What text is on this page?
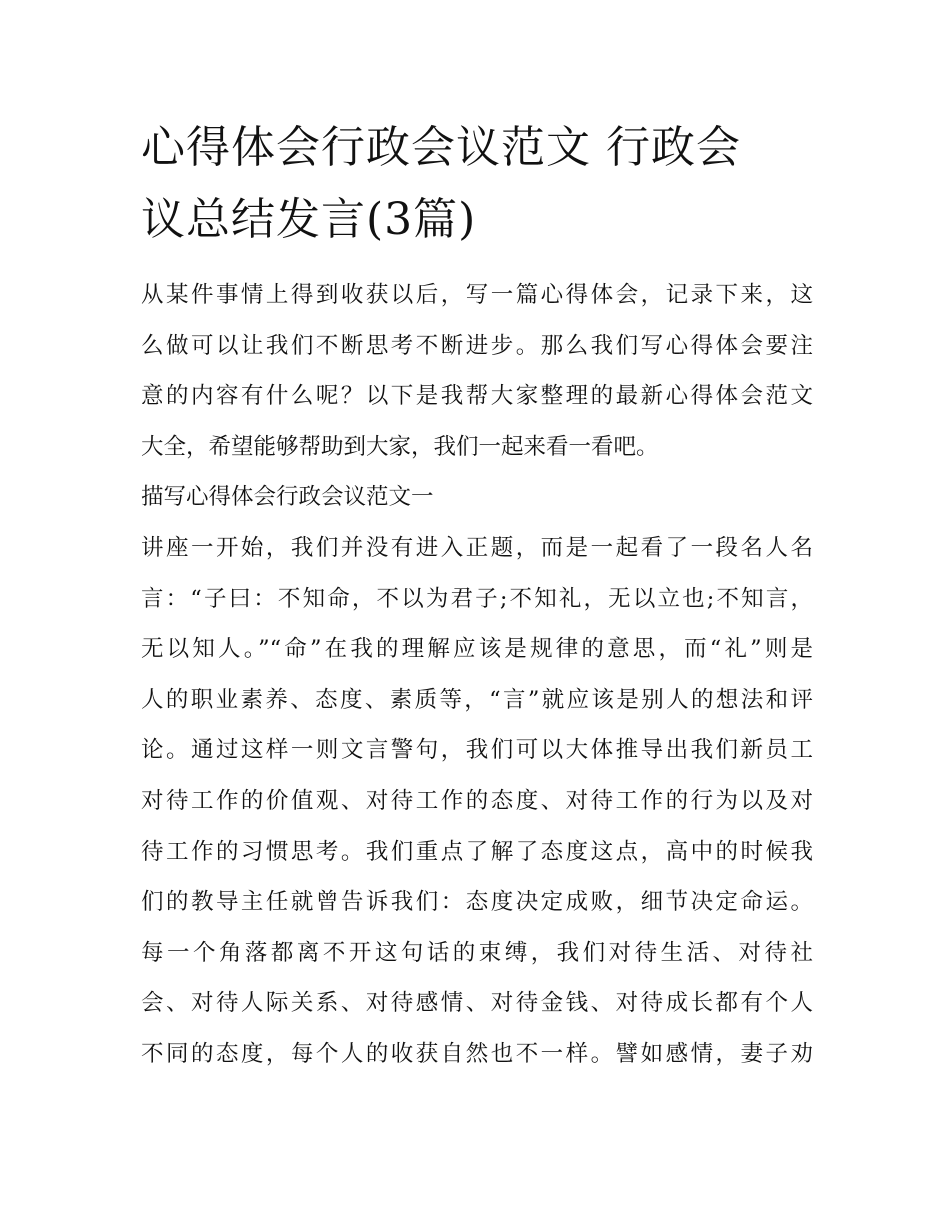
心得体会行政会议范文 行政会
议总结发言(3篇)
从某件事情上得到收获以后，写一篇心得体会，记录下来，这
么做可以让我们不断思考不断进步。那么我们写心得体会要注
意的内容有什么呢？以下是我帮大家整理的最新心得体会范文
大全，希望能够帮助到大家，我们一起来看一看吧。
描写心得体会行政会议范文一
讲座一开始，我们并没有进入正题，而是一起看了一段名人名
言：“子曰：不知命，不以为君子;不知礼，无以立也;不知言，
无以知人。”“命”在我的理解应该是规律的意思，而“礼”则是
人的职业素养、态度、素质等，“言”就应该是别人的想法和评
论。通过这样一则文言警句，我们可以大体推导出我们新员工
对待工作的价值观、对待工作的态度、对待工作的行为以及对
待工作的习惯思考。我们重点了解了态度这点，高中的时候我
们的教导主任就曾告诉我们：态度决定成败，细节决定命运。
每一个角落都离不开这句话的束缚，我们对待生活、对待社
会、对待人际关系、对待感情、对待金钱、对待成长都有个人
不同的态度，每个人的收获自然也不一样。譬如感情，妻子劝
